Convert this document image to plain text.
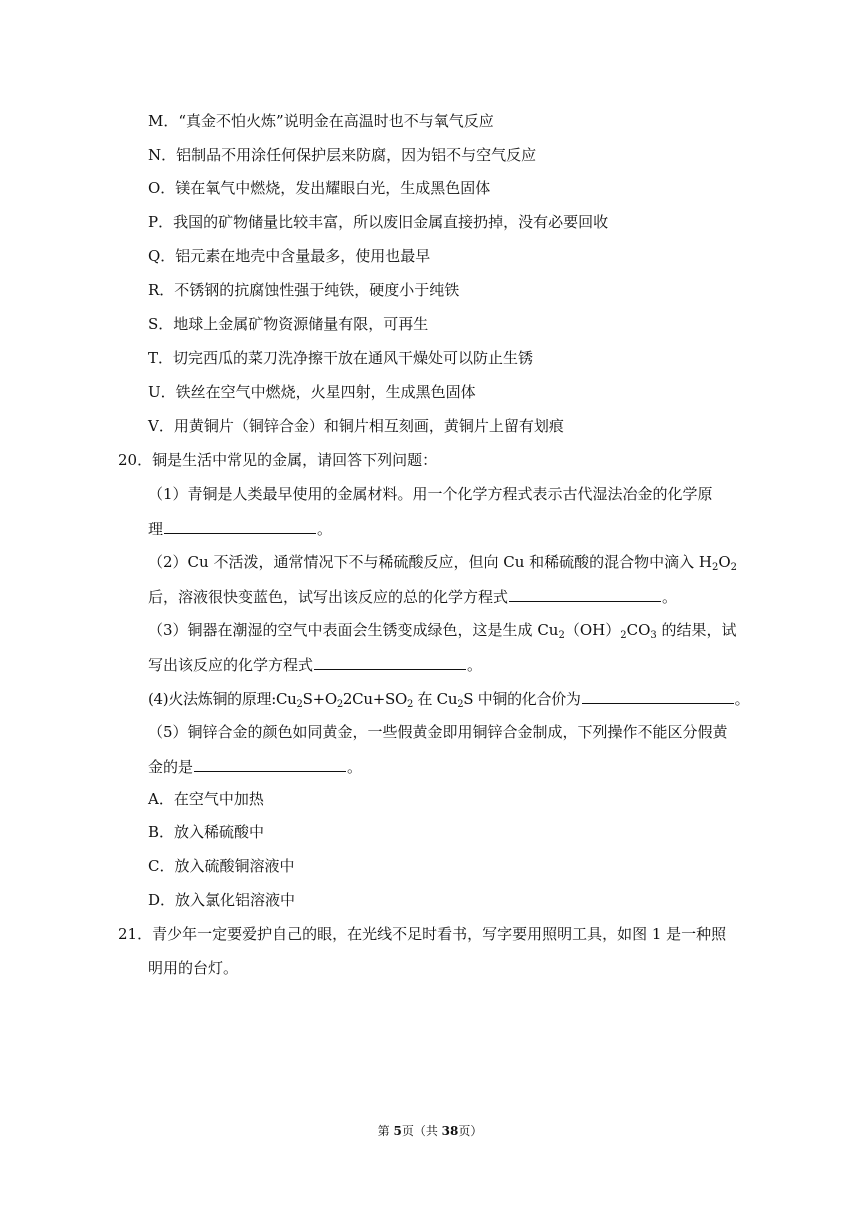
M．“真金不怕火炼”说明金在高温时也不与氧气反应
N．铝制品不用涂任何保护层来防腐，因为铝不与空气反应
O．镁在氧气中燃烧，发出耀眼白光，生成黑色固体
P．我国的矿物储量比较丰富，所以废旧金属直接扔掉，没有必要回收
Q．铝元素在地壳中含量最多，使用也最早
R．不锈钢的抗腐蚀性强于纯铁，硬度小于纯铁
S．地球上金属矿物资源储量有限，可再生
T．切完西瓜的菜刀洗净擦干放在通风干燥处可以防止生锈
U．铁丝在空气中燃烧，火星四射，生成黑色固体
V．用黄铜片（铜锌合金）和铜片相互刻画，黄铜片上留有划痕
20．铜是生活中常见的金属，请回答下列问题：
（1）青铜是人类最早使用的金属材料。用一个化学方程式表示古代湿法冶金的化学原
理	。
（2）Cu 不活泼，通常情况下不与稀硫酸反应，但向 Cu 和稀硫酸的混合物中滴入 $H_2O_2$
后，溶液很快变蓝色，试写出该反应的总的化学方程式	。
（3）铜器在潮湿的空气中表面会生锈变成绿色，这是生成 $Cu_2(OH)_2CO_3$ 的结果，试
写出该反应的化学方程式	。
(4)火法炼铜的原理$:Cu_2S+O_22Cu+SO_2$ 在 $Cu_2S$ 中铜的化合价为	。
（5）铜锌合金的颜色如同黄金，一些假黄金即用铜锌合金制成，下列操作不能区分假黄
金的是	。
A．在空气中加热
B．放入稀硫酸中
C．放入硫酸铜溶液中
D．放入氯化铝溶液中
21．青少年一定要爱护自己的眼，在光线不足时看书，写字要用照明工具，如图 1 是一种照
明用的台灯。
第 5页（共 38页）
